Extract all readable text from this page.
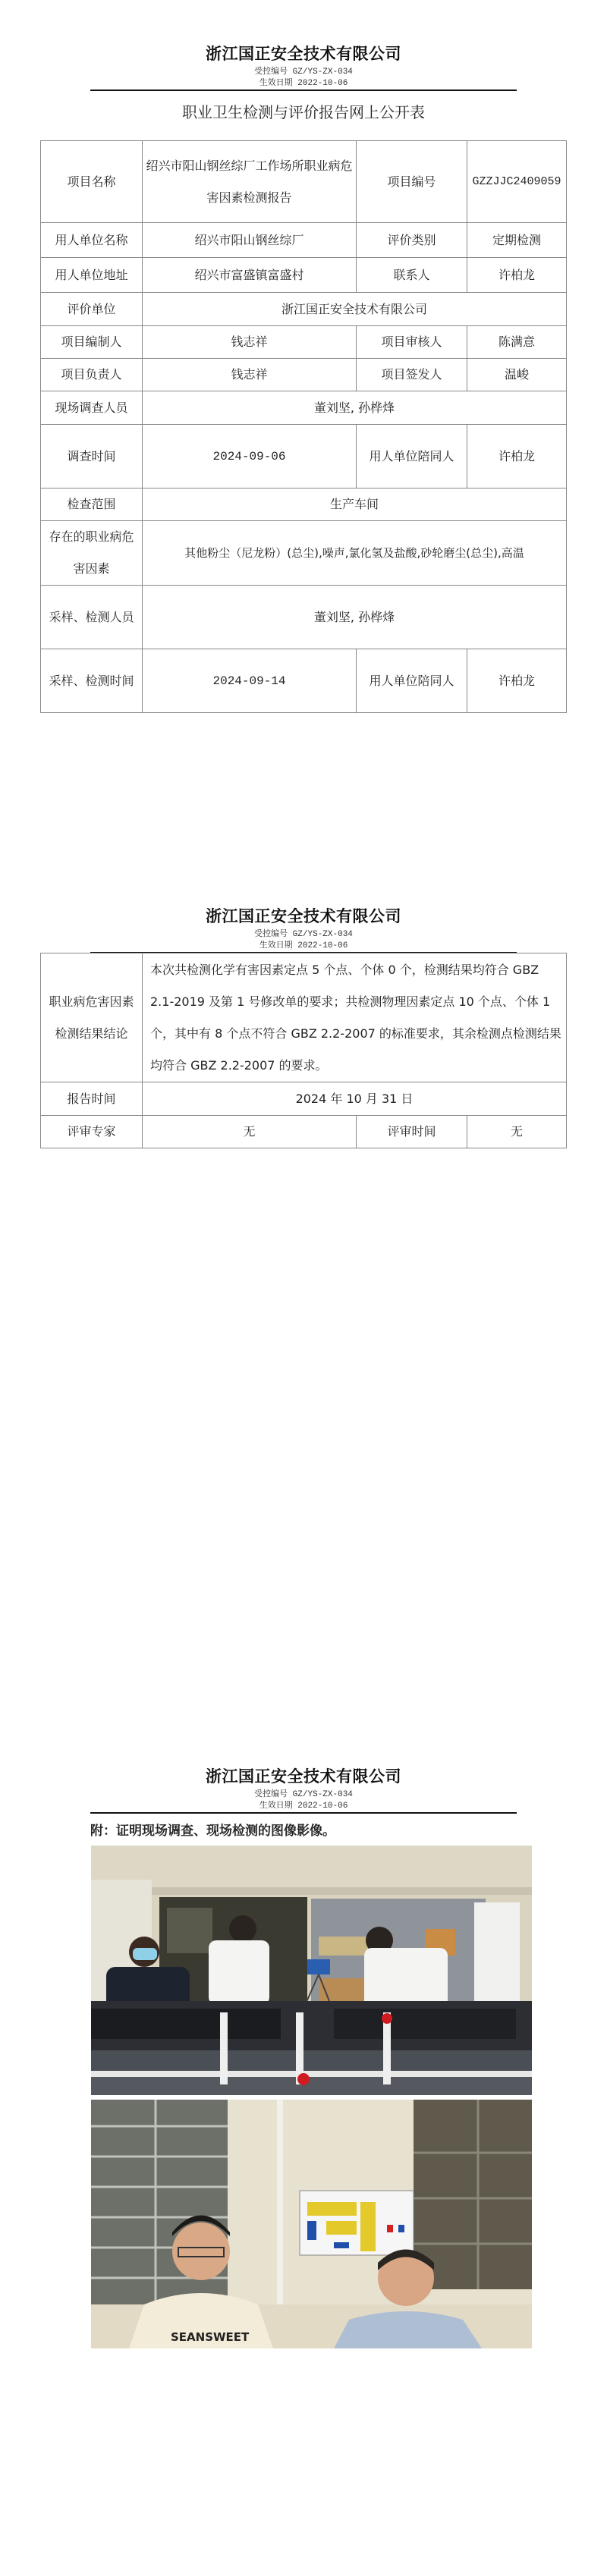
浙江国正安全技术有限公司
受控编号 GZ/YS-ZX-034
生效日期 2022-10-06
职业卫生检测与评价报告网上公开表
项目名称	绍兴市阳山钢丝综厂工作场所职业病危害因素检测报告	项目编号	GZZJJC2409059
用人单位名称	绍兴市阳山钢丝综厂	评价类别	定期检测
用人单位地址	绍兴市富盛镇富盛村	联系人	许柏龙
评价单位	浙江国正安全技术有限公司		
项目编制人	钱志祥	项目审核人	陈满意
项目负责人	钱志祥	项目签发人	温峻
现场调查人员	董刘坚, 孙桦烽		
调查时间	2024-09-06	用人单位陪同人	许柏龙
检查范围	生产车间		
存在的职业病危害因素	其他粉尘（尼龙粉）(总尘),噪声,氯化氢及盐酸,砂轮磨尘(总尘),高温		
采样、检测人员	董刘坚, 孙桦烽		
采样、检测时间	2024-09-14	用人单位陪同人	许柏龙
浙江国正安全技术有限公司
受控编号 GZ/YS-ZX-034
生效日期 2022-10-06
职业病危害因素检测结果结论	本次共检测化学有害因素定点 5 个点、个体 0 个，检测结果均符合 GBZ 2.1-2019 及第 1 号修改单的要求；共检测物理因素定点 10 个点、个体 1 个，其中有 8 个点不符合 GBZ 2.2-2007 的标准要求，其余检测点检测结果均符合 GBZ 2.2-2007 的要求。		
报告时间	2024 年 10 月 31 日		
评审专家	无	评审时间	无
浙江国正安全技术有限公司
受控编号 GZ/YS-ZX-034
生效日期 2022-10-06
附：证明现场调查、现场检测的图像影像。
SEANSWEET
